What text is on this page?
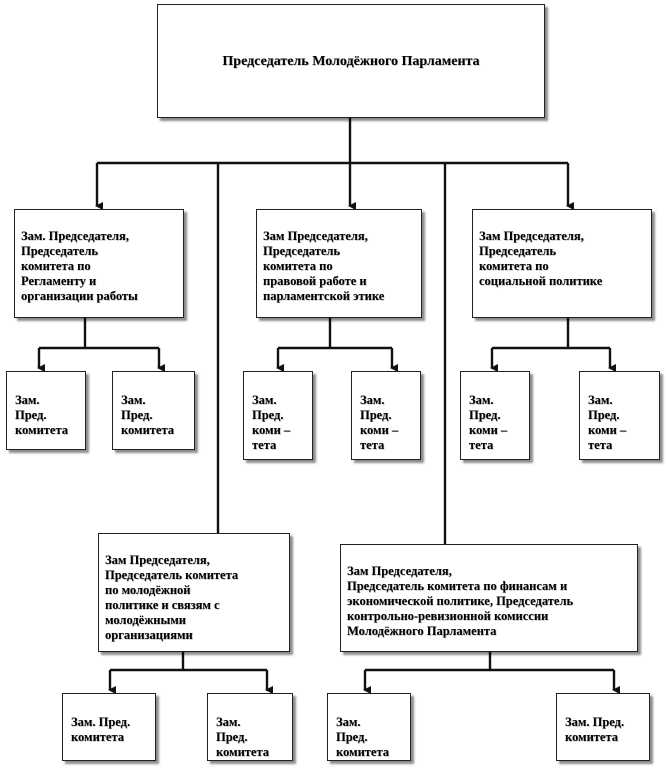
Председатель Молодёжного Парламента

Зам. Председателя,
Председатель
комитета по
Регламенту и
организации работы

Зам Председателя,
Председатель
комитета по
правовой работе и
парламентской этике

Зам Председателя,
Председатель
комитета по
социальной политике

Зам.
Пред.
комитета

Зам.
Пред.
комитета

Зам.
Пред.
коми –
тета

Зам.
Пред.
коми –
тета

Зам.
Пред.
коми –
тета

Зам.
Пред.
коми –
тета

Зам Председателя,
Председатель комитета
по молодёжной
политике и связям с
молодёжными
организациями

Зам Председателя,
Председатель комитета по финансам и
экономической политике, Председатель
контрольно-ревизионной комиссии
Молодёжного Парламента

Зам. Пред.
комитета

Зам.
Пред.
комитета

Зам.
Пред.
комитета

Зам. Пред.
комитета
